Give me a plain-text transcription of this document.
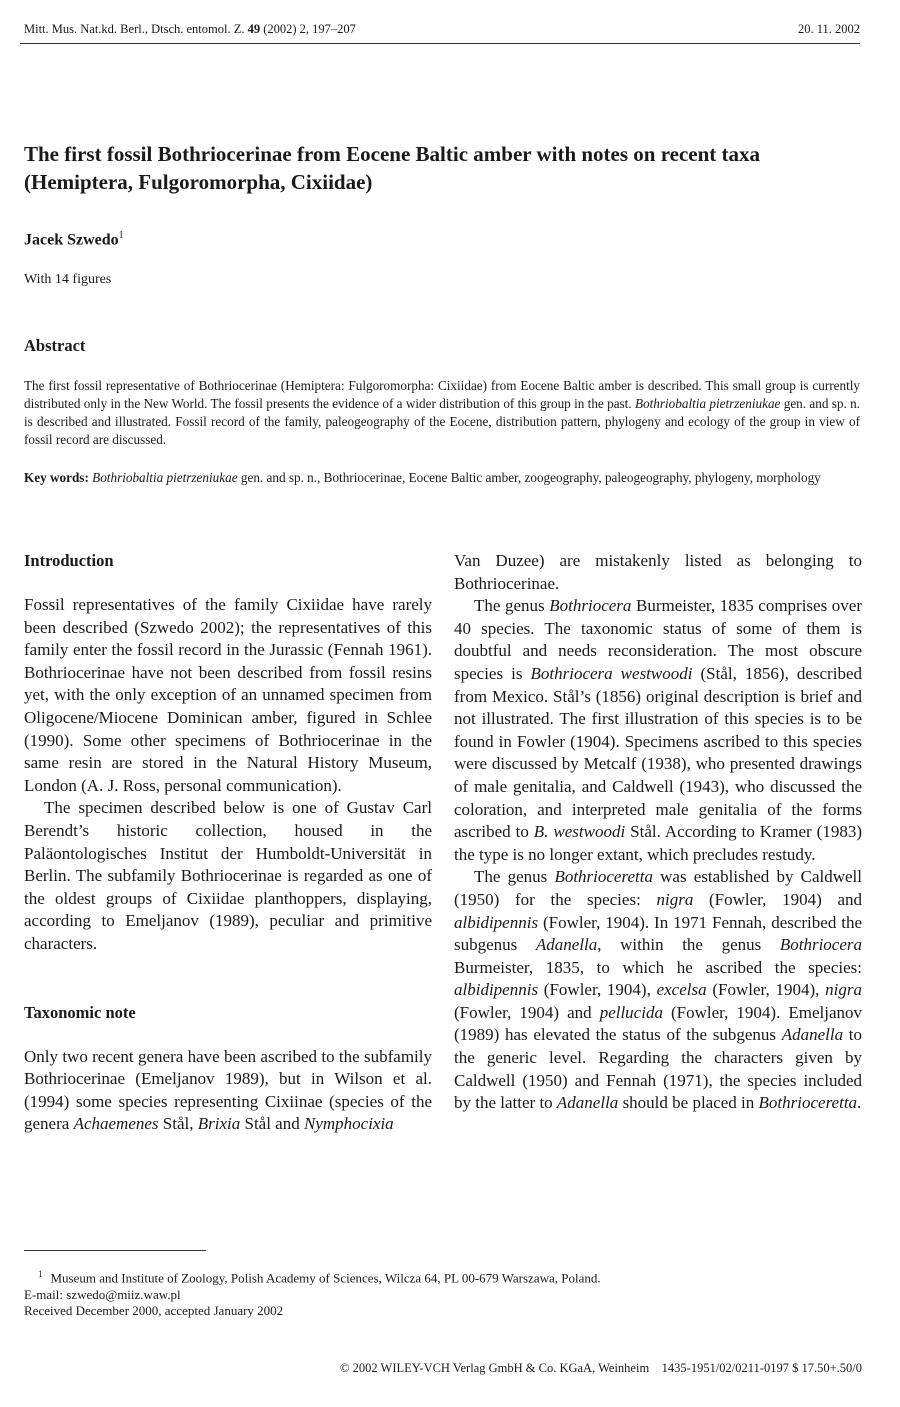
Mitt. Mus. Nat.kd. Berl., Dtsch. entomol. Z. 49 (2002) 2, 197–207	20. 11. 2002
The first fossil Bothriocerinae from Eocene Baltic amber with notes on recent taxa (Hemiptera, Fulgoromorpha, Cixiidae)
Jacek Szwedo$^1$
With 14 figures
Abstract

The first fossil representative of Bothriocerinae (Hemiptera: Fulgoromorpha: Cixiidae) from Eocene Baltic amber is described. This small group is currently distributed only in the New World. The fossil presents the evidence of a wider distribution of this group in the past. Bothriobaltia pietrzeniukae gen. and sp. n. is described and illustrated. Fossil record of the family, paleogeography of the Eocene, distribution pattern, phylogeny and ecology of the group in view of fossil record are discussed.

Key words: Bothriobaltia pietrzeniukae gen. and sp. n., Bothriocerinae, Eocene Baltic amber, zoogeography, paleogeography, phylogeny, morphology

Introduction

Fossil representatives of the family Cixiidae have rarely been described (Szwedo 2002); the representatives of this family enter the fossil record in the Jurassic (Fennah 1961). Bothriocerinae have not been described from fossil resins yet, with the only exception of an unnamed specimen from Oligocene/Miocene Dominican amber, figured in Schlee (1990). Some other specimens of Bothriocerinae in the same resin are stored in the Natural History Museum, London (A. J. Ross, personal communication).

The specimen described below is one of Gustav Carl Berendt’s historic collection, housed in the Paläontologisches Institut der Humboldt-Universität in Berlin. The subfamily Bothriocerinae is regarded as one of the oldest groups of Cixiidae planthoppers, displaying, according to Emeljanov (1989), peculiar and primitive characters.

Taxonomic note

Only two recent genera have been ascribed to the subfamily Bothriocerinae (Emeljanov 1989), but in Wilson et al. (1994) some species representing Cixiinae (species of the genera Achaemenes Stål, Brixia Stål and Nymphocixia

Van Duzee) are mistakenly listed as belonging to Bothriocerinae.

The genus Bothriocera Burmeister, 1835 comprises over 40 species. The taxonomic status of some of them is doubtful and needs reconsideration. The most obscure species is Bothriocera westwoodi (Stål, 1856), described from Mexico. Stål’s (1856) original description is brief and not illustrated. The first illustration of this species is to be found in Fowler (1904). Specimens ascribed to this species were discussed by Metcalf (1938), who presented drawings of male genitalia, and Caldwell (1943), who discussed the coloration, and interpreted male genitalia of the forms ascribed to B. westwoodi Stål. According to Kramer (1983) the type is no longer extant, which precludes restudy.

The genus Bothrioceretta was established by Caldwell (1950) for the species: nigra (Fowler, 1904) and albidipennis (Fowler, 1904). In 1971 Fennah, described the subgenus Adanella, within the genus Bothriocera Burmeister, 1835, to which he ascribed the species: albidipennis (Fowler, 1904), excelsa (Fowler, 1904), nigra (Fowler, 1904) and pellucida (Fowler, 1904). Emeljanov (1989) has elevated the status of the subgenus Adanella to the generic level. Regarding the characters given by Caldwell (1950) and Fennah (1971), the species included by the latter to Adanella should be placed in Bothrioceretta.

$^1$ Museum and Institute of Zoology, Polish Academy of Sciences, Wilcza 64, PL 00-679 Warszawa, Poland.
E-mail: szwedo@miiz.waw.pl
Received December 2000, accepted January 2002

© 2002 WILEY-VCH Verlag GmbH & Co. KGaA, Weinheim    1435-1951/02/0211-0197 $ 17.50+.50/0
